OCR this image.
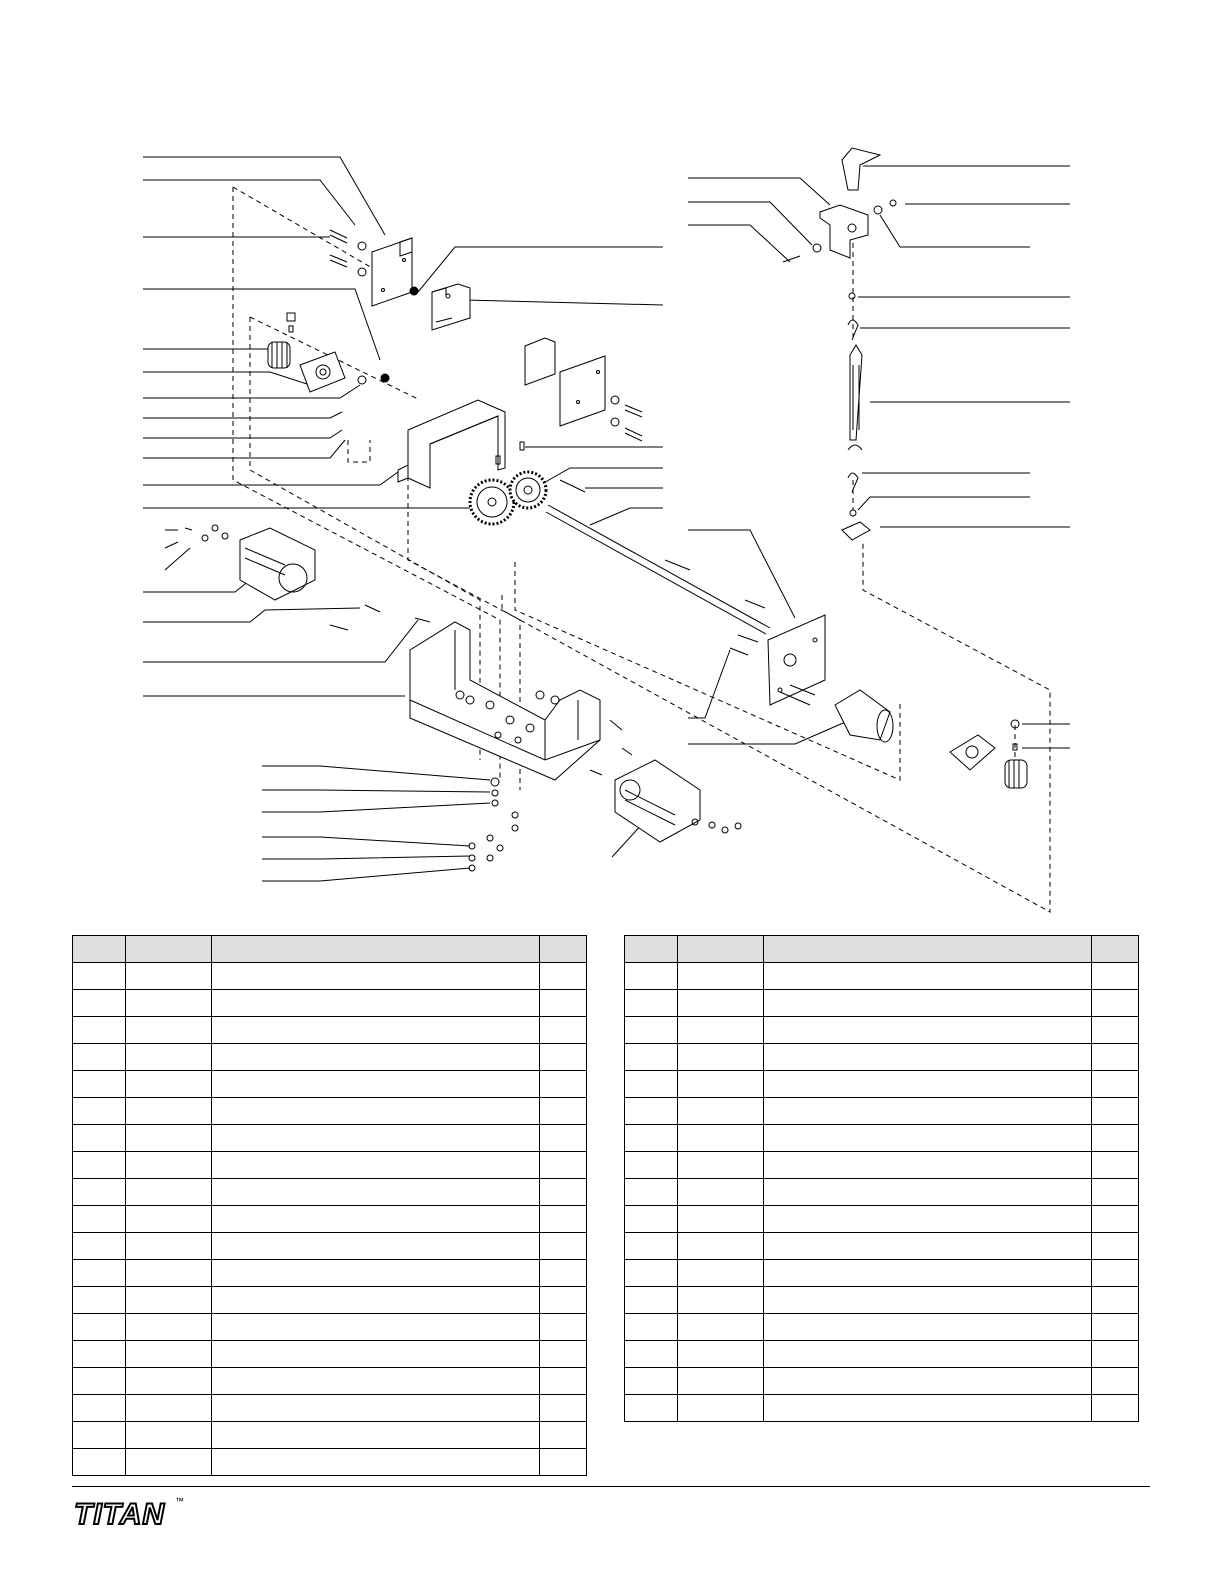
TITAN ™
